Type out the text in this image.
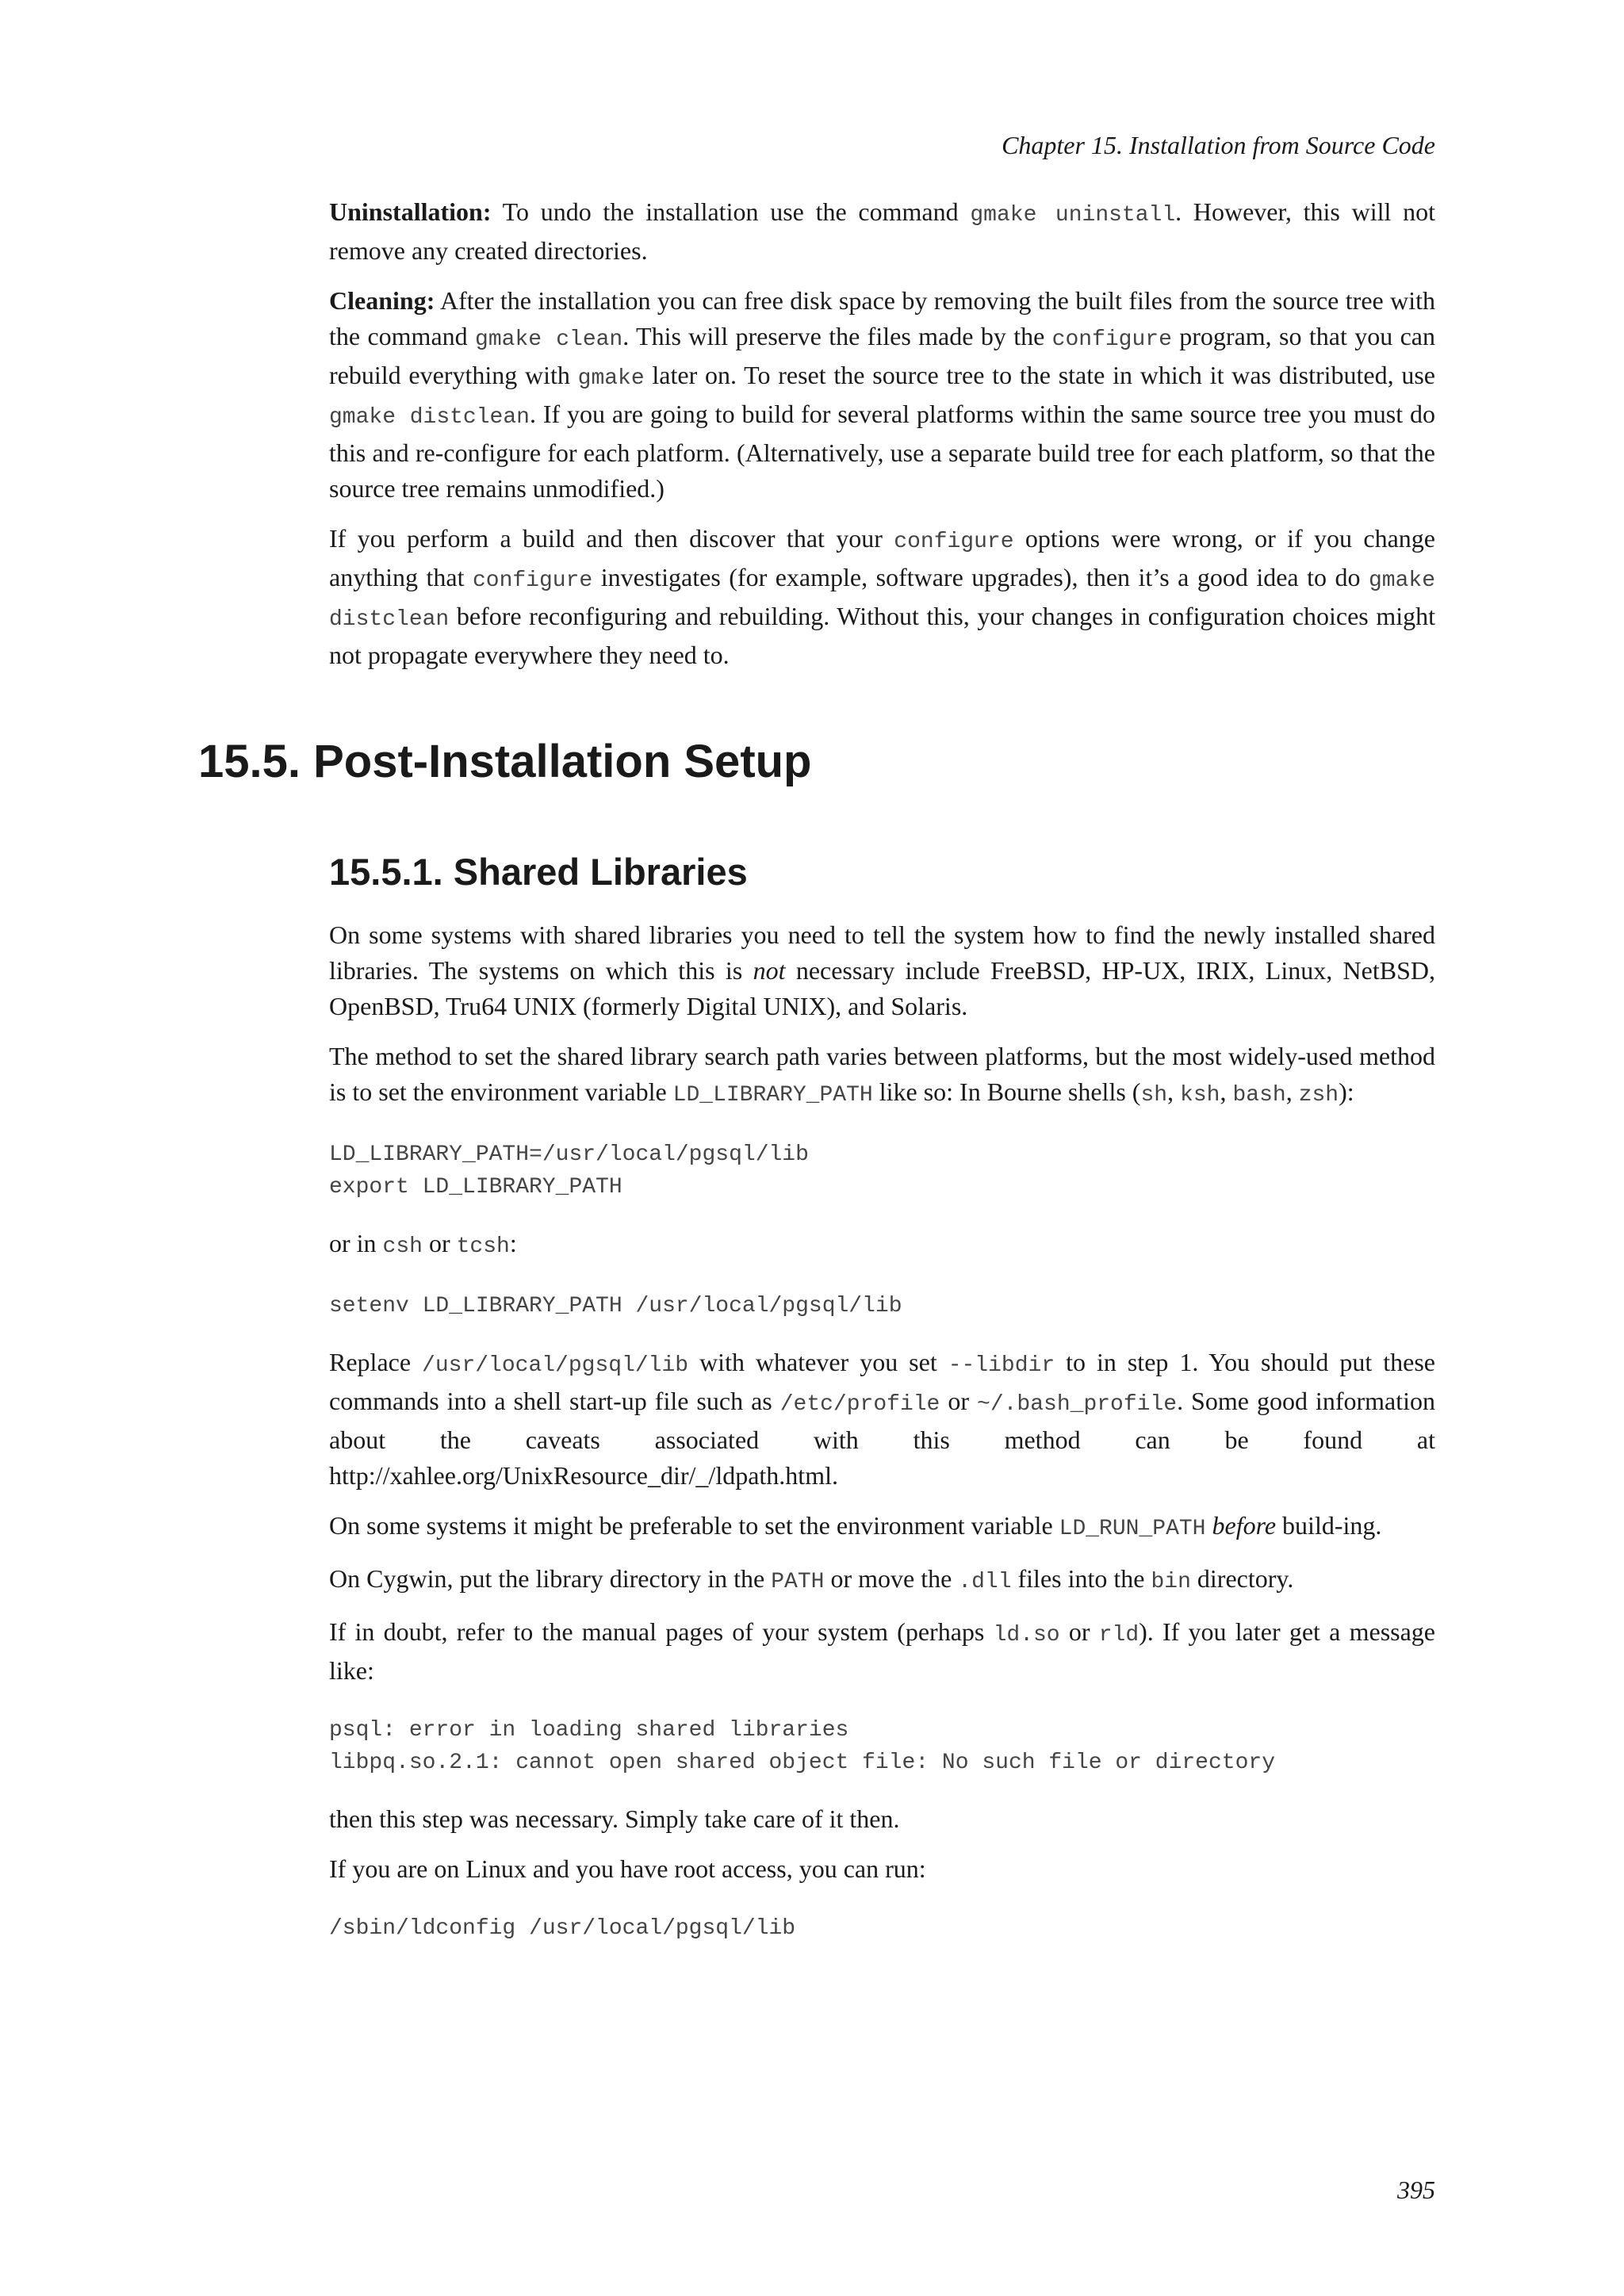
Chapter 15. Installation from Source Code

Uninstallation: To undo the installation use the command gmake uninstall. However, this will not remove any created directories.

Cleaning: After the installation you can free disk space by removing the built files from the source tree with the command gmake clean. This will preserve the files made by the configure program, so that you can rebuild everything with gmake later on. To reset the source tree to the state in which it was distributed, use gmake distclean. If you are going to build for several platforms within the same source tree you must do this and re-configure for each platform. (Alternatively, use a separate build tree for each platform, so that the source tree remains unmodified.)

If you perform a build and then discover that your configure options were wrong, or if you change anything that configure investigates (for example, software upgrades), then it’s a good idea to do gmake distclean before reconfiguring and rebuilding. Without this, your changes in configuration choices might not propagate everywhere they need to.

15.5. Post-Installation Setup
15.5.1. Shared Libraries

On some systems with shared libraries you need to tell the system how to find the newly installed shared libraries. The systems on which this is not necessary include FreeBSD, HP-UX, IRIX, Linux, NetBSD, OpenBSD, Tru64 UNIX (formerly Digital UNIX), and Solaris.

The method to set the shared library search path varies between platforms, but the most widely-used method is to set the environment variable LD_LIBRARY_PATH like so: In Bourne shells (sh, ksh, bash, zsh):

LD_LIBRARY_PATH=/usr/local/pgsql/lib
export LD_LIBRARY_PATH

or in csh or tcsh:

setenv LD_LIBRARY_PATH /usr/local/pgsql/lib

Replace /usr/local/pgsql/lib with whatever you set --libdir to in step 1. You should put these commands into a shell start-up file such as /etc/profile or ~/.bash_profile. Some good information about the caveats associated with this method can be found at http://xahlee.org/UnixResource_dir/_/ldpath.html.

On some systems it might be preferable to set the environment variable LD_RUN_PATH before build-ing.

On Cygwin, put the library directory in the PATH or move the .dll files into the bin directory.

If in doubt, refer to the manual pages of your system (perhaps ld.so or rld). If you later get a message like:

psql: error in loading shared libraries
libpq.so.2.1: cannot open shared object file: No such file or directory

then this step was necessary. Simply take care of it then.

If you are on Linux and you have root access, you can run:

/sbin/ldconfig /usr/local/pgsql/lib
395
